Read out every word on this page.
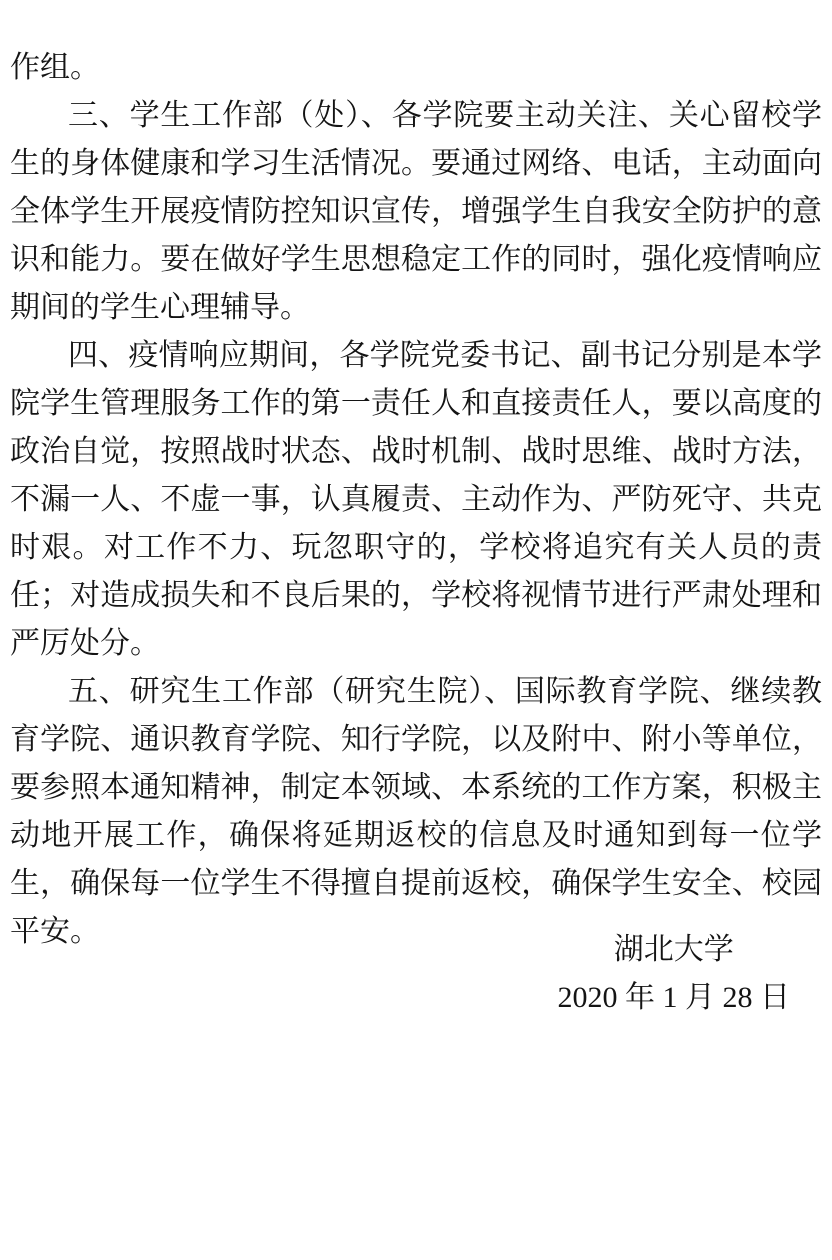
作组。

三、学生工作部（处）、各学院要主动关注、关心留校学生的身体健康和学习生活情况。要通过网络、电话，主动面向全体学生开展疫情防控知识宣传，增强学生自我安全防护的意识和能力。要在做好学生思想稳定工作的同时，强化疫情响应期间的学生心理辅导。

四、疫情响应期间，各学院党委书记、副书记分别是本学院学生管理服务工作的第一责任人和直接责任人，要以高度的政治自觉，按照战时状态、战时机制、战时思维、战时方法，不漏一人、不虚一事，认真履责、主动作为、严防死守、共克时艰。对工作不力、玩忽职守的，学校将追究有关人员的责任；对造成损失和不良后果的，学校将视情节进行严肃处理和严厉处分。

五、研究生工作部（研究生院）、国际教育学院、继续教育学院、通识教育学院、知行学院，以及附中、附小等单位，要参照本通知精神，制定本领域、本系统的工作方案，积极主动地开展工作，确保将延期返校的信息及时通知到每一位学生，确保每一位学生不得擅自提前返校，确保学生安全、校园平安。

湖北大学
2020 年 1 月 28 日
